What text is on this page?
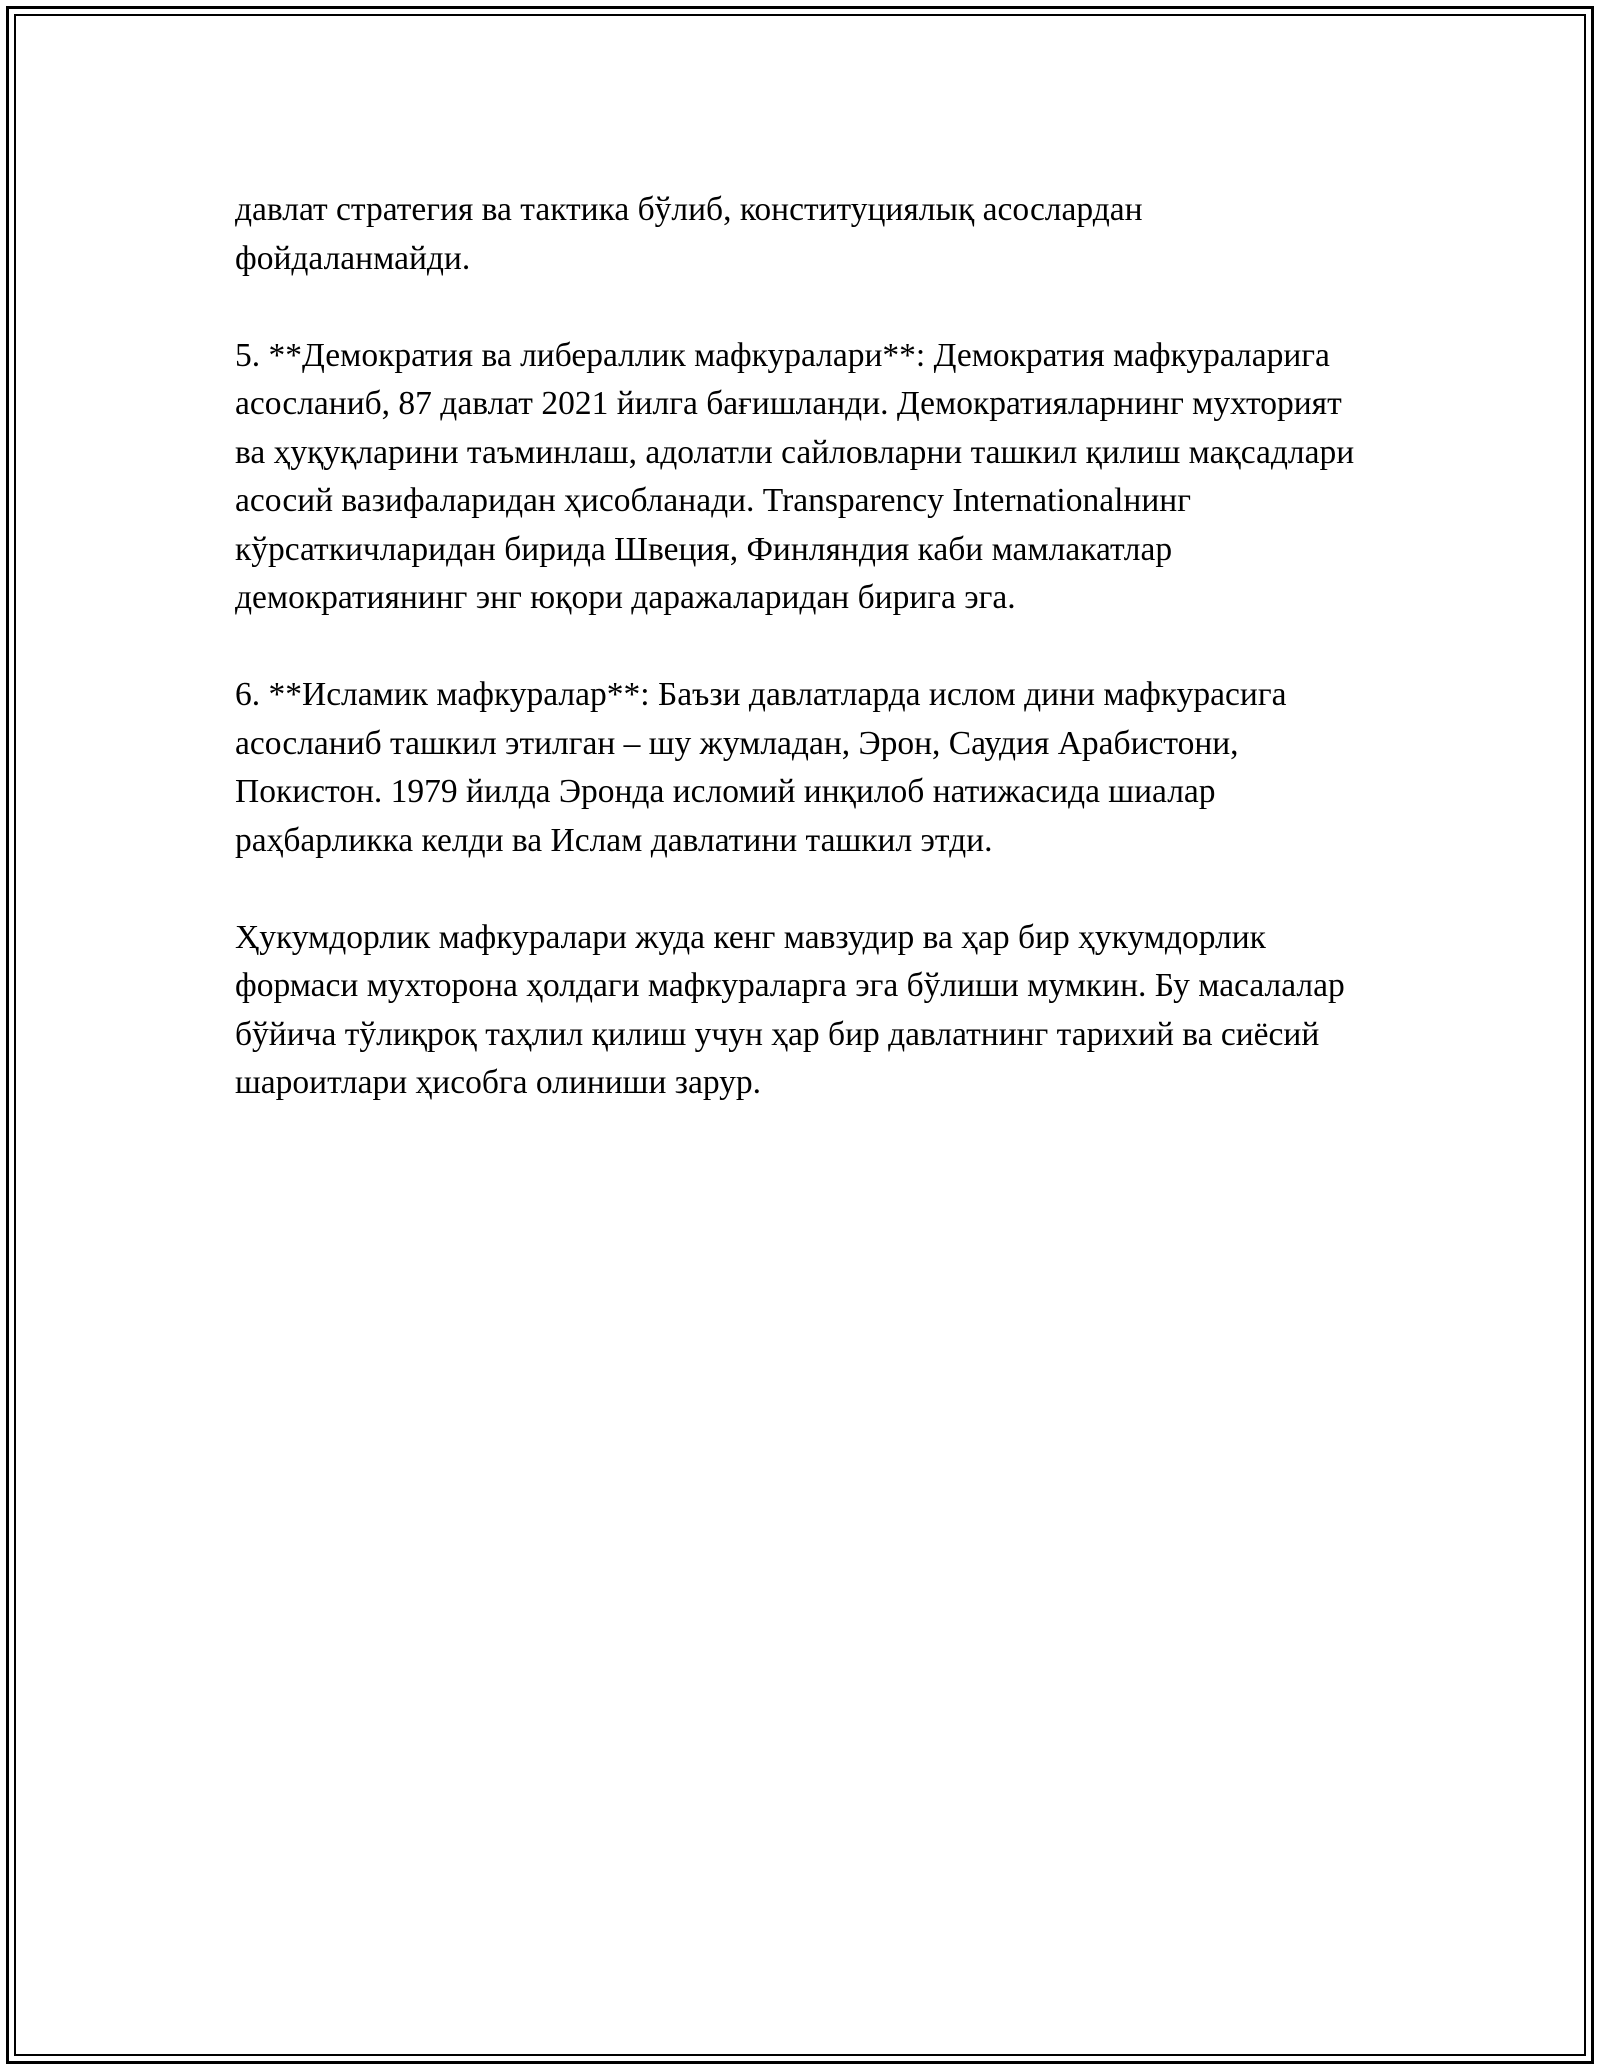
давлат стратегия ва тактика бўлиб, конституциялық асослардан фойдаланмайди.

5. **Демократия ва либераллик мафкуралари**: Демократия мафкураларига асосланиб, 87 давлат 2021 йилга бағишланди. Демократияларнинг мухторият ва ҳуқуқларини таъминлаш, адолатли сайловларни ташкил қилиш мақсадлари асосий вазифаларидан ҳисобланади. Transparency Internationalнинг кўрсаткичларидан бирида Швеция, Финляндия каби мамлакатлар демократиянинг энг юқори даражаларидан бирига эга.

6. **Исламик мафкуралар**: Баъзи давлатларда ислом дини мафкурасига асосланиб ташкил этилган – шу жумладан, Эрон, Саудия Арабистони, Покистон. 1979 йилда Эронда исломий инқилоб натижасида шиалар раҳбарликка келди ва Ислам давлатини ташкил этди.

Ҳукумдорлик мафкуралари жуда кенг мавзудир ва ҳар бир ҳукумдорлик формаси мухторона ҳолдаги мафкураларга эга бўлиши мумкин. Бу масалалар бўйича тўлиқроқ таҳлил қилиш учун ҳар бир давлатнинг тарихий ва сиёсий шароитлари ҳисобга олиниши зарур.
